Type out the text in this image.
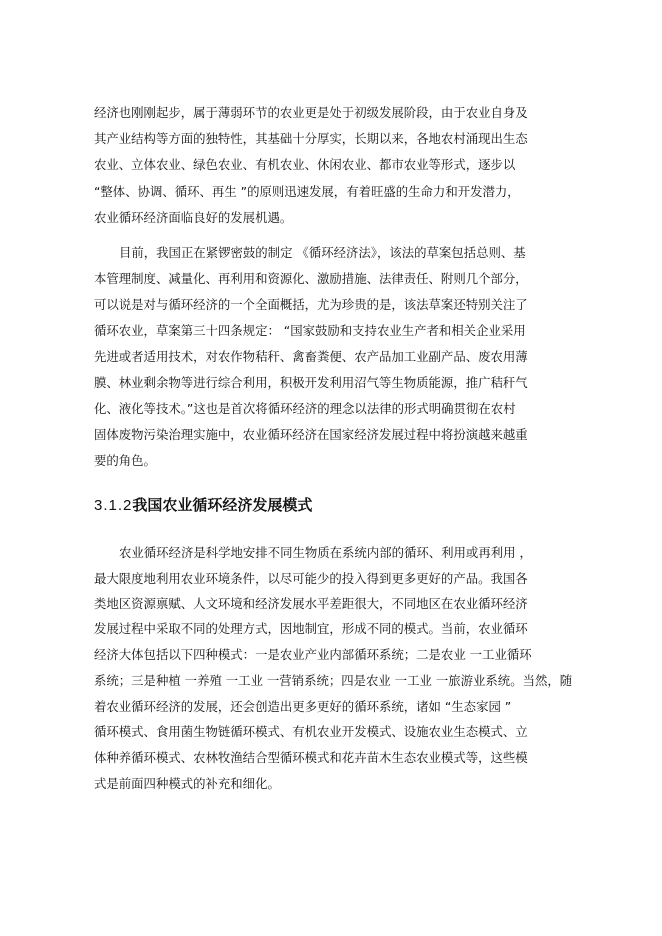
经济也刚刚起步，属于薄弱环节的农业更是处于初级发展阶段，由于农业自身及
其产业结构等方面的独特性，其基础十分厚实，长期以来，各地农村涌现出生态
农业、立体农业、绿色农业、有机农业、休闲农业、都市农业等形式，逐步以
“整体、协调、循环、再生 ”的原则迅速发展，有着旺盛的生命力和开发潜力，
农业循环经济面临良好的发展机遇。
目前，我国正在紧锣密鼓的制定 《循环经济法》，该法的草案包括总则、基
本管理制度、减量化、再利用和资源化、激励措施、法律责任、附则几个部分，
可以说是对与循环经济的一个全面概括，尤为珍贵的是，该法草案还特别关注了
循环农业，草案第三十四条规定： “国家鼓励和支持农业生产者和相关企业采用
先进或者适用技术，对农作物秸秆、禽畜粪便、农产品加工业副产品、废农用薄
膜、林业剩余物等进行综合利用，积极开发利用沼气等生物质能源，推广秸秆气
化、液化等技术。”这也是首次将循环经济的理念以法律的形式明确贯彻在农村
固体废物污染治理实施中，农业循环经济在国家经济发展过程中将扮演越来越重
要的角色。
3.1.2我国农业循环经济发展模式
农业循环经济是科学地安排不同生物质在系统内部的循环、利用或再利用 ，
最大限度地利用农业环境条件，以尽可能少的投入得到更多更好的产品。我国各
类地区资源禀赋、人文环境和经济发展水平差距很大，不同地区在农业循环经济
发展过程中采取不同的处理方式，因地制宜，形成不同的模式。当前，农业循环
经济大体包括以下四种模式：一是农业产业内部循环系统；二是农业 一工业循环
系统；三是种植 一养殖 一工业 一营销系统；四是农业 一工业 一旅游业系统。当然，随
着农业循环经济的发展，还会创造出更多更好的循环系统，诸如 “生态家园 ”
循环模式、食用菌生物链循环模式、有机农业开发模式、设施农业生态模式、立
体种养循环模式、农林牧渔结合型循环模式和花卉苗木生态农业模式等，这些模
式是前面四种模式的补充和细化。
